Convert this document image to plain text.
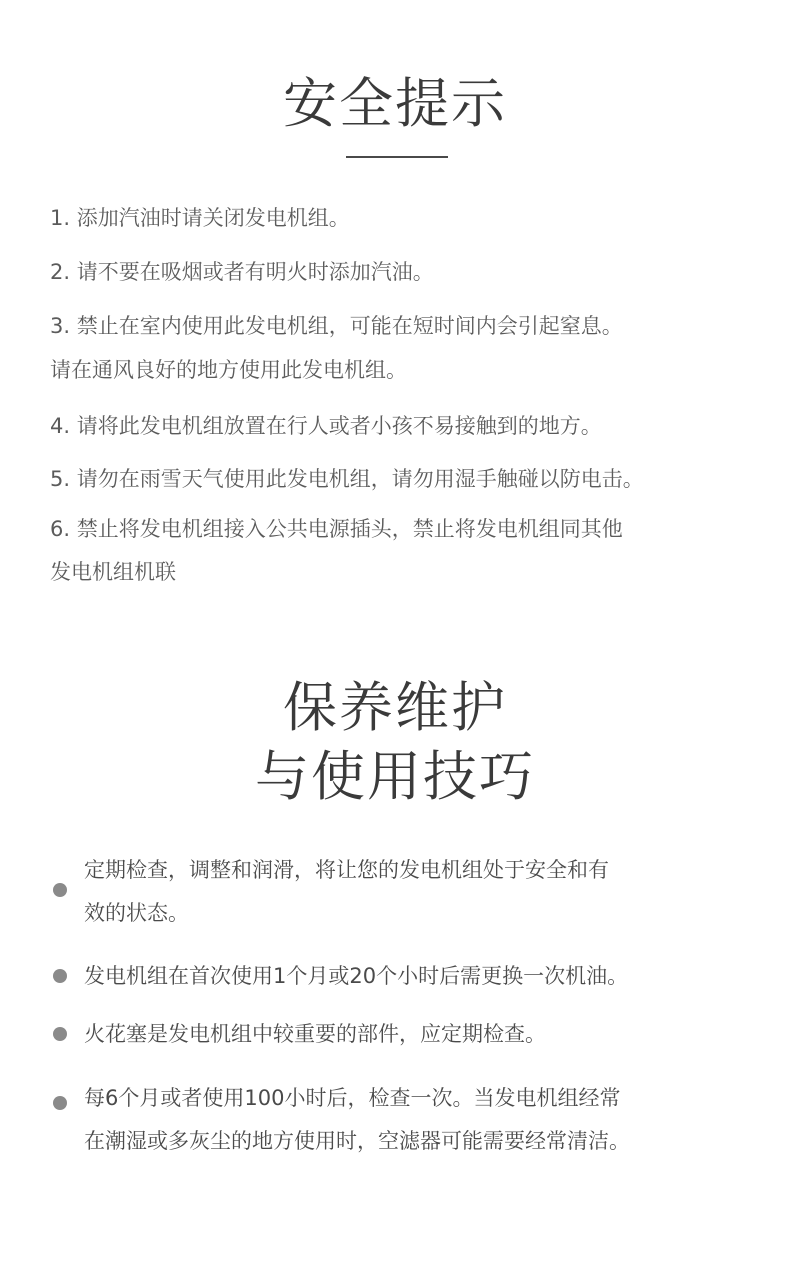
安全提示
1. 添加汽油时请关闭发电机组。
2. 请不要在吸烟或者有明火时添加汽油。
3. 禁止在室内使用此发电机组，可能在短时间内会引起窒息。
请在通风良好的地方使用此发电机组。
4. 请将此发电机组放置在行人或者小孩不易接触到的地方。
5. 请勿在雨雪天气使用此发电机组，请勿用湿手触碰以防电击。
6. 禁止将发电机组接入公共电源插头，禁止将发电机组同其他
发电机组机联
保养维护
与使用技巧
定期检查，调整和润滑，将让您的发电机组处于安全和有
效的状态。
发电机组在首次使用1个月或20个小时后需更换一次机油。
火花塞是发电机组中较重要的部件，应定期检查。
每6个月或者使用100小时后，检查一次。当发电机组经常
在潮湿或多灰尘的地方使用时，空滤器可能需要经常清洁。
